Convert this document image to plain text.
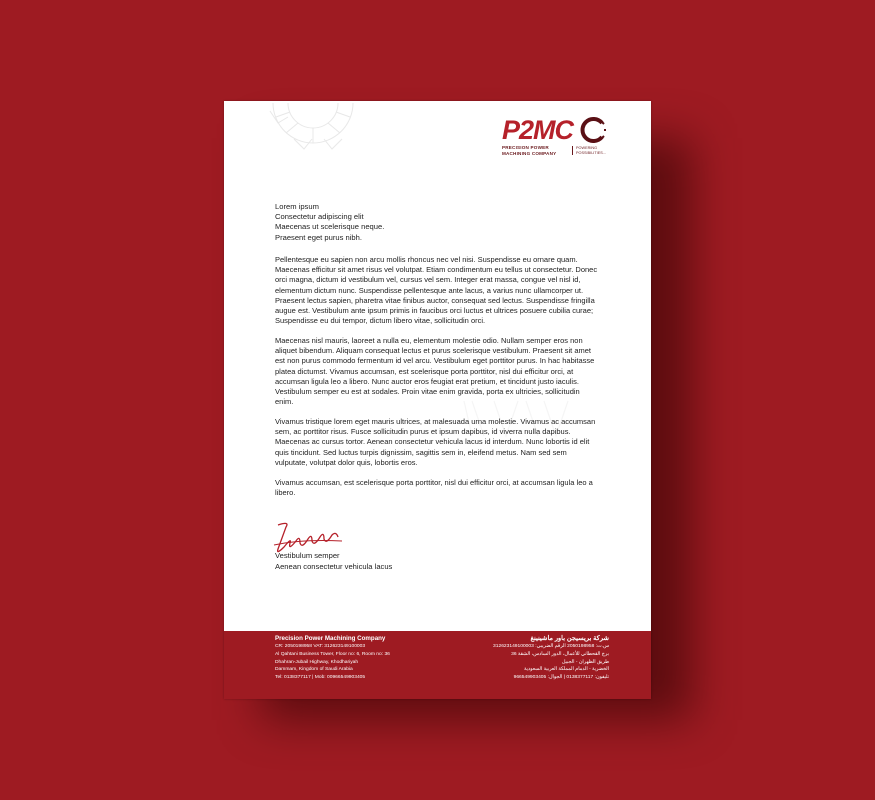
P2MC
PRECISION POWER
MACHINING COMPANY
POWERING
POSSIBILITIES...
Lorem ipsum
Consectetur adipiscing elit
Maecenas ut scelerisque neque.
Praesent eget purus nibh.

Pellentesque eu sapien non arcu mollis rhoncus nec vel nisi. Suspendisse eu ornare quam. Maecenas efficitur sit amet risus vel volutpat. Etiam condimentum eu tellus ut consectetur. Donec orci magna, dictum id vestibulum vel, cursus vel sem. Integer erat massa, congue vel nisl id, elementum dictum nunc. Suspendisse pellentesque ante lacus, a varius nunc ullamcorper ut. Praesent lectus sapien, pharetra vitae finibus auctor, consequat sed lectus. Suspendisse fringilla augue est. Vestibulum ante ipsum primis in faucibus orci luctus et ultrices posuere cubilia curae; Suspendisse eu dui tempor, dictum libero vitae, sollicitudin orci.

Maecenas nisl mauris, laoreet a nulla eu, elementum molestie odio. Nullam semper eros non aliquet bibendum. Aliquam consequat lectus et purus scelerisque vestibulum. Praesent sit amet est non purus commodo fermentum id vel arcu. Vestibulum eget porttitor purus. In hac habitasse platea dictumst. Vivamus accumsan, est scelerisque porta porttitor, nisl dui efficitur orci, at accumsan ligula leo a libero. Nunc auctor eros feugiat erat pretium, et tincidunt justo iaculis. Vestibulum semper eu est at sodales. Proin vitae enim gravida, porta ex ultricies, sollicitudin enim.

Vivamus tristique lorem eget mauris ultrices, at malesuada urna molestie. Vivamus ac accumsan sem, ac porttitor risus. Fusce sollicitudin purus et ipsum dapibus, id viverra nulla dapibus. Maecenas ac cursus tortor. Aenean consectetur vehicula lacus id interdum. Nunc lobortis id elit quis tincidunt. Sed luctus turpis dignissim, sagittis sem in, eleifend metus. Nam sed sem vulputate, volutpat dolor quis, lobortis eros.

Vivamus accumsan, est scelerisque porta porttitor, nisl dui efficitur orci, at accumsan ligula leo a libero.

Vestibulum semper
Aenean consectetur vehicula lacus
Precision Power Machining Company
CR: 2050198958 VAT: 312623149100003
Al Qahtani Business Tower, Floor no: 6, Room no: 36
Dhahran-Jubail Highway, Khodhariyah
Dammam, Kingdom of Saudi Arabia
Tel: 0138377117 | Mob: 00966549903405
شركة بريسيجن باور ماشينينغ
س.ت: 2050198958 الرقم الضريبي: 312623149100003
برج القحطاني للأعمال، الدور السادس، الشقة 36
طريق الظهران - الجبيل
الخضرية - الدمام المملكة العربية السعودية
تليفون: 0138377117 | الجوال: 966549903405
